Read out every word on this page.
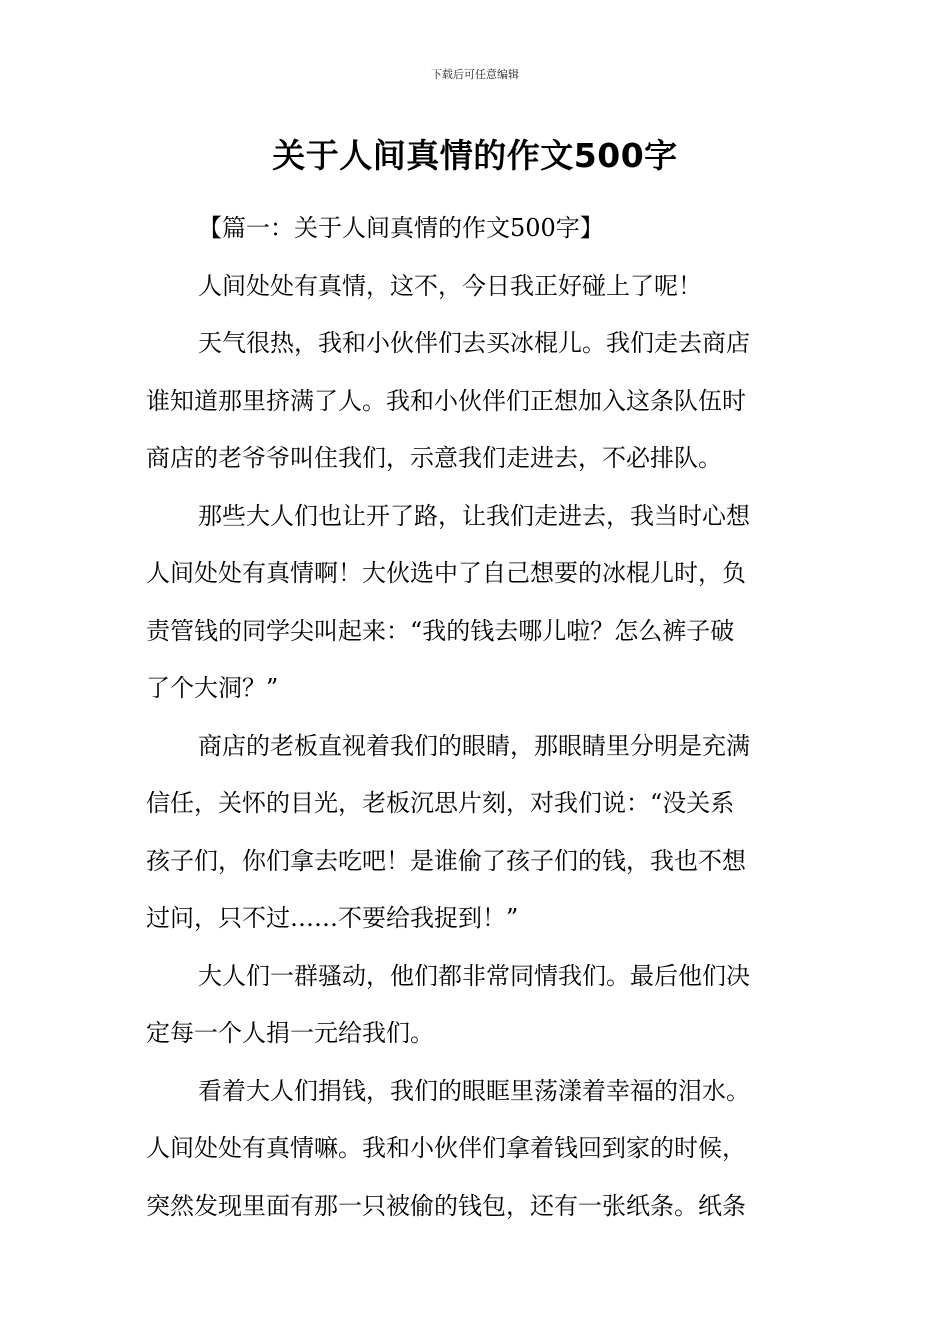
下载后可任意编辑
关于人间真情的作文500字

【篇一：关于人间真情的作文500字】

人间处处有真情，这不，今日我正好碰上了呢！

天气很热，我和小伙伴们去买冰棍儿。我们走去商店
谁知道那里挤满了人。我和小伙伴们正想加入这条队伍时
商店的老爷爷叫住我们，示意我们走进去，不必排队。

那些大人们也让开了路，让我们走进去，我当时心想
人间处处有真情啊！大伙选中了自己想要的冰棍儿时，负
责管钱的同学尖叫起来：“我的钱去哪儿啦？怎么裤子破
了个大洞？”

商店的老板直视着我们的眼睛，那眼睛里分明是充满
信任，关怀的目光，老板沉思片刻，对我们说：“没关系
孩子们，你们拿去吃吧！是谁偷了孩子们的钱，我也不想
过问，只不过……不要给我捉到！”

大人们一群骚动，他们都非常同情我们。最后他们决
定每一个人捐一元给我们。

看着大人们捐钱，我们的眼眶里荡漾着幸福的泪水。
人间处处有真情嘛。我和小伙伴们拿着钱回到家的时候，
突然发现里面有那一只被偷的钱包，还有一张纸条。纸条
